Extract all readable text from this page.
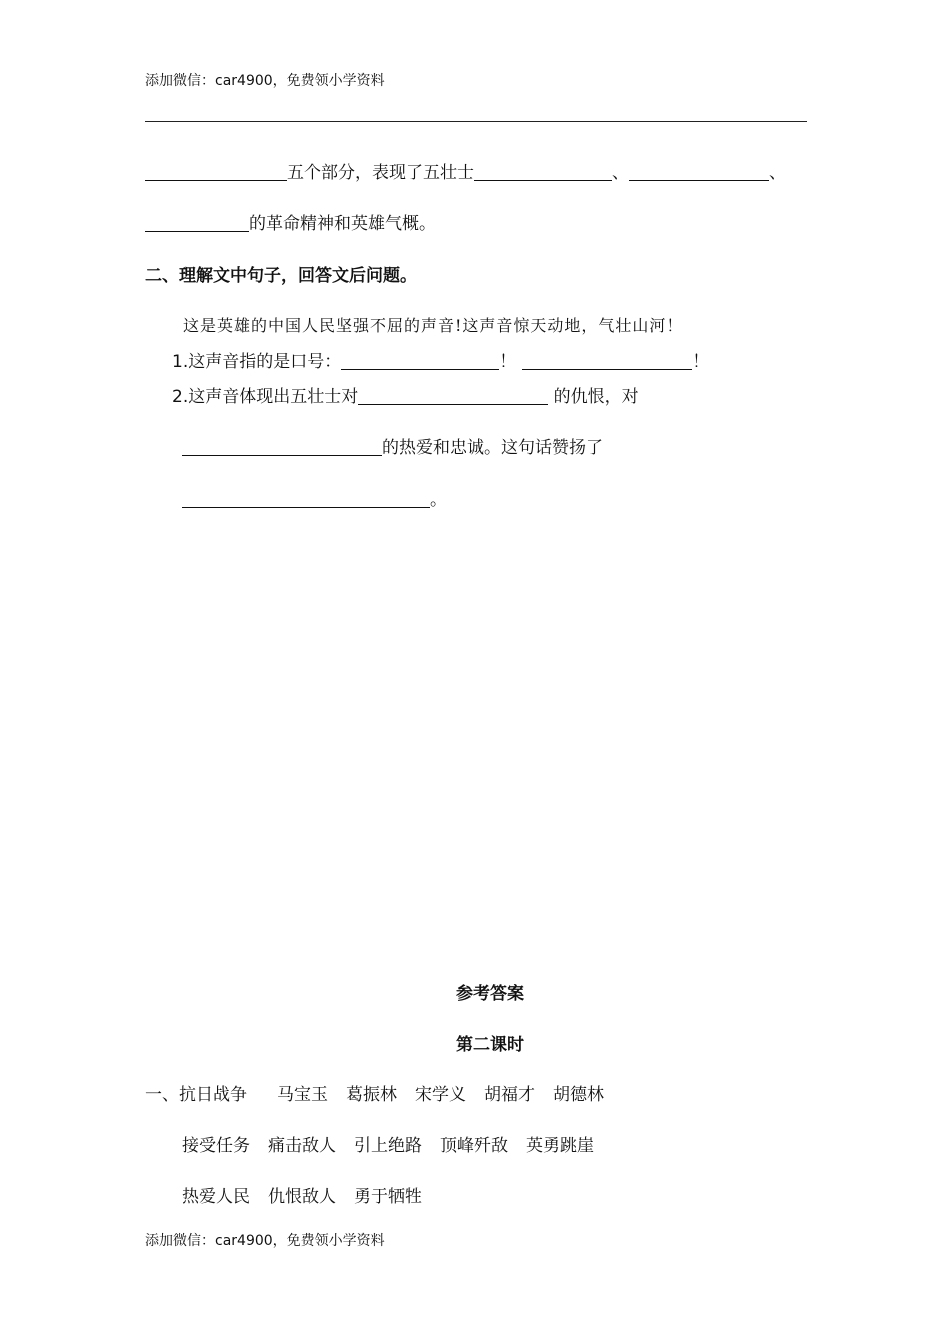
添加微信：car4900，免费领小学资料
五个部分，表现了五壮士	、	、
的革命精神和英雄气概。
二、理解文中句子，回答文后问题。
这是英雄的中国人民坚强不屈的声音!这声音惊天动地，气壮山河！
1.这声音指的是口号：	！	！
2.这声音体现出五壮士对	的仇恨，对
的热爱和忠诚。这句话赞扬了
。
参考答案
第二课时
一、抗日战争 马宝玉 葛振林 宋学义 胡福才 胡德林
接受任务 痛击敌人 引上绝路 顶峰歼敌 英勇跳崖
热爱人民 仇恨敌人 勇于牺牲
添加微信：car4900，免费领小学资料
